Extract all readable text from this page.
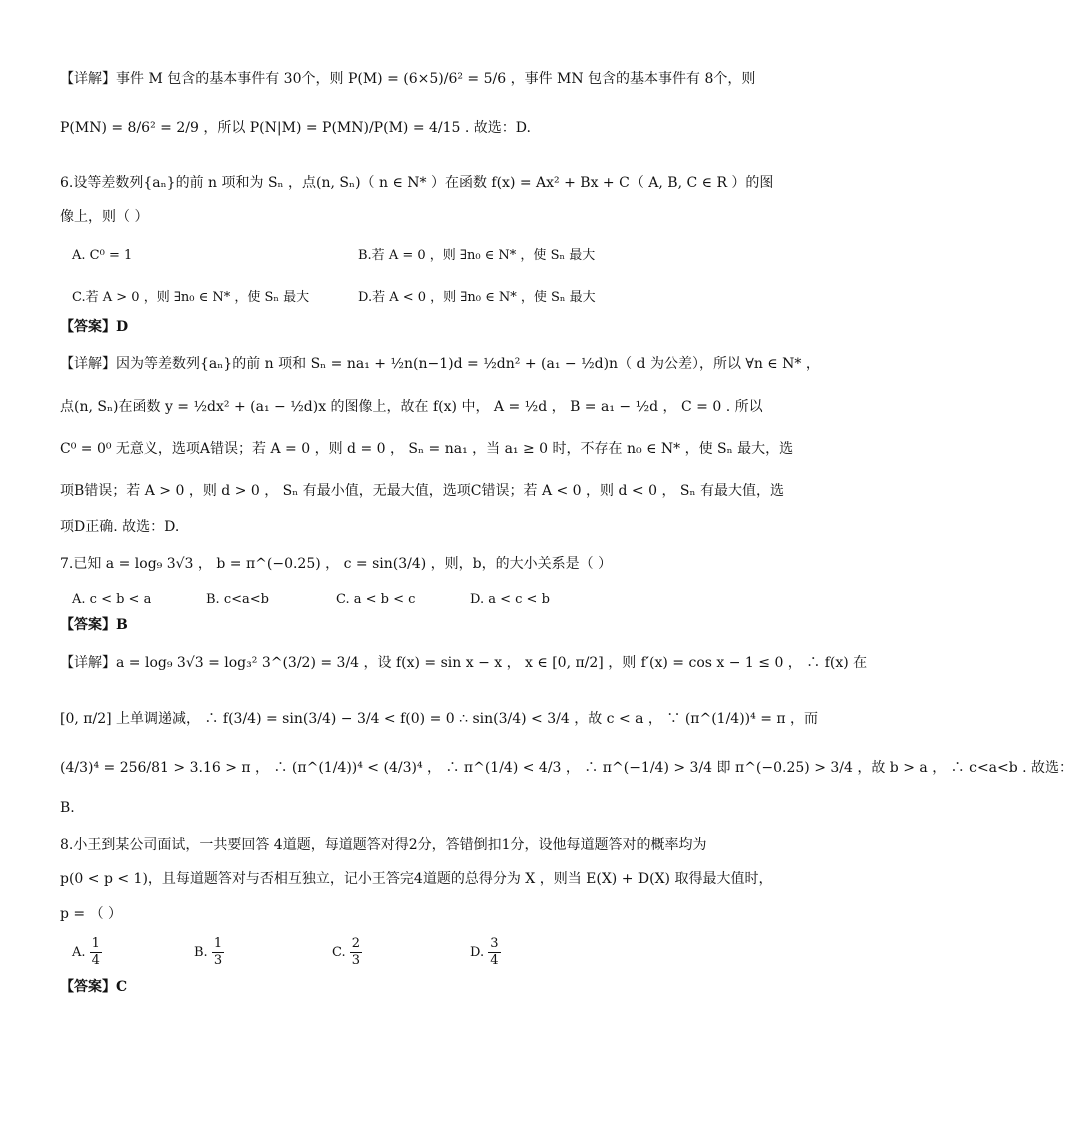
【详解】事件 M 包含的基本事件有 30个，则 P(M) = (6×5)/6² = 5/6 ，事件 MN 包含的基本事件有 8个，则
P(MN) = 8/6² = 2/9 ，所以 P(N|M) = P(MN)/P(M) = 4/15 . 故选：D.
6.设等差数列{aₙ}的前 n 项和为 Sₙ ，点(n, Sₙ)（ n ∈ N* ）在函数 f(x) = Ax² + Bx + C（ A, B, C ∈ R ）的图
像上，则（ ）
A. C⁰ = 1	B.若 A = 0 ，则 ∃n₀ ∈ N* ，使 Sₙ 最大
C.若 A > 0 ，则 ∃n₀ ∈ N* ，使 Sₙ 最大	D.若 A < 0 ，则 ∃n₀ ∈ N* ，使 Sₙ 最大
【答案】D
【详解】因为等差数列{aₙ}的前 n 项和 Sₙ = na₁ + ½n(n−1)d = ½dn² + (a₁ − ½d)n（ d 为公差），所以 ∀n ∈ N* ，
点(n, Sₙ)在函数 y = ½dx² + (a₁ − ½d)x 的图像上，故在 f(x) 中， A = ½d ， B = a₁ − ½d ， C = 0 . 所以
C⁰ = 0⁰ 无意义，选项A错误；若 A = 0 ，则 d = 0 ， Sₙ = na₁ ，当 a₁ ≥ 0 时，不存在 n₀ ∈ N* ，使 Sₙ 最大，选
项B错误；若 A > 0 ，则 d > 0 ， Sₙ 有最小值，无最大值，选项C错误；若 A < 0 ，则 d < 0 ， Sₙ 有最大值，选
项D正确. 故选：D.
7.已知 a = log₉ 3√3 ， b = π^(−0.25) ， c = sin(3/4) ，则，b，的大小关系是（ ）
A. c < b < a	B. c<a<b	C. a < b < c	D. a < c < b
【答案】B
【详解】a = log₉ 3√3 = log₃² 3^(3/2) = 3/4 ，设 f(x) = sin x − x ， x ∈ [0, π/2] ，则 f′(x) = cos x − 1 ≤ 0 ， ∴ f(x) 在
[0, π/2] 上单调递减， ∴ f(3/4) = sin(3/4) − 3/4 < f(0) = 0 ∴ sin(3/4) < 3/4 ，故 c < a ， ∵ (π^(1/4))⁴ = π ，而
(4/3)⁴ = 256/81 > 3.16 > π ， ∴ (π^(1/4))⁴ < (4/3)⁴ ， ∴ π^(1/4) < 4/3 ， ∴ π^(−1/4) > 3/4 即 π^(−0.25) > 3/4 ，故 b > a ， ∴ c<a<b . 故选：
B.
8.小王到某公司面试，一共要回答 4道题，每道题答对得2分，答错倒扣1分，设他每道题答对的概率均为
p(0 < p < 1)，且每道题答对与否相互独立，记小王答完4道题的总得分为 X ，则当 E(X) + D(X) 取得最大值时，
p = （ ）
A. $\frac{1}{4}$	B. $\frac{1}{3}$	C. $\frac{2}{3}$	D. $\frac{3}{4}$
【答案】C
